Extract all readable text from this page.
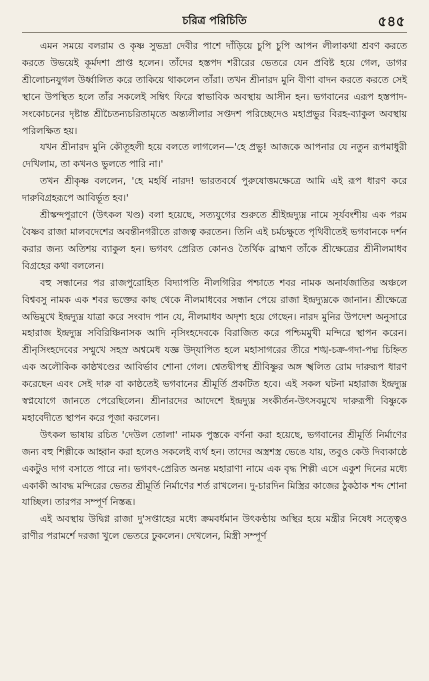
চরিত্র পরিচিতি	৫৪৫

এমন সময়ে বলরাম ও কৃষ্ণ সুভদ্রা দেবীর পাশে দাঁড়িয়ে চুপি চুপি আপন লীলাকথা শ্রবণ করতে করতে উভয়েই কূর্মদশা প্রাপ্ত হলেন। তাঁদের হস্তপদ শরীরের ভেতরে যেন প্রবিষ্ট হয়ে গেল, ডাগর শ্রীলোচনযুগল উর্ধ্বালিত করে তাকিয়ে থাকলেন তাঁরা। তখন শ্রীনারদ মুনি বীণা বাদন করতে করতে সেই স্থানে উপস্থিত হলে তাঁর সকলেই সম্বিৎ ফিরে স্বাভাবিক অবস্থায় আসীন হন। ভগবানের এরূপ হস্তপাদ-সংকোচনের দৃষ্টান্ত শ্রীচৈতন্যচরিতামৃতে অন্ত্যলীলার সপ্তদশ পরিচ্ছেদেও মহাপ্রভুর বিরহ-ব্যাকুল অবস্থায় পরিলক্ষিত হয়।

যখন শ্রীনারদ মুনি কৌতূহলী হয়ে বলতে লাগলেন—'হে প্রভু! আজকে আপনার যে নতুন রূপমাধুরী দেখিলাম, তা কখনও ভুলতে পারি না।'

তখন শ্রীকৃষ্ণ বললেন, 'হে মহর্ষি নারদ! ভারতবর্ষে পুরুষোত্তমক্ষেত্রে আমি এই রূপ ধারণ করে দারুবিগ্রহরূপে আবির্ভূত হব।'

শ্রীস্কন্দপুরাণে (উৎকল খণ্ড) বলা হয়েছে, সত্যযুগের শুরুতে শ্রীইন্দ্রদ্যুম্ন নামে সূর্যবংশীয় এক পরম বৈষ্ণব রাজা মালবদেশের অবন্তীনগরীতে রাজত্ব করতেন। তিনি এই চর্মচক্ষুতে পৃথিবীতেই ভগবানকে দর্শন করার জন্য অতিশয় ব্যাকুল হন। ভগবৎ প্রেরিত কোনও তৈর্থিক ব্রাহ্মণ তাঁকে শ্রীক্ষেত্রের শ্রীনীলমাধব বিগ্রহের কথা বললেন।

বহু সন্ধানের পর রাজপুরোহিত বিদ্যাপতি নীলগিরির পশ্চাতে শবর নামক অনার্যজাতির অঞ্চলে বিশ্ববসু নামক এক শবর ভক্তের কাছ থেকে নীলমাধবের সন্ধান পেয়ে রাজা ইন্দ্রদ্যুম্নকে জানান। শ্রীক্ষেত্রে অভিমুখে ইন্দ্রদ্যুম্ন যাত্রা করে সংবাদ পান যে, নীলমাধব অদৃশ্য হয়ে গেছেন। নারদ মুনির উপদেশ অনুসারে মহারাজ ইন্দ্রদ্যুম্ন সবিরিঞ্চিনাসক আদি নৃসিংহদেবকে বিরাজিত করে পশ্চিমমুখী মন্দিরে স্থাপন করেন। শ্রীনৃসিংহদেবের সম্মুখে সহস্র অশ্বমেধ যজ্ঞ উদ্‌যাপিত হলে মহাসাগরের তীরে শঙ্খ-চক্র-গদা-পদ্ম চিহ্নিত এক অলৌকিক কাষ্ঠখণ্ডের আবির্ভাব শোনা গেল। শ্বেতদ্বীপস্থ শ্রীবিষ্ণুর অঙ্গ স্খলিত রোম দারুরূপ ধারণ করেছেন এবং সেই দারু বা কাষ্ঠতেই ভগবানের শ্রীমূর্তি প্রকটিত হবে। এই সকল ঘটনা মহারাজ ইন্দ্রদ্যুম্ন স্বপ্নযোগে জানতে পেরেছিলেন। শ্রীনারদের আদেশে ইন্দ্রদ্যুম্ন সংকীর্তন-উৎসবমুখে দারুরূপী বিষ্ণুকে মহাবেদীতে স্থাপন করে পূজা করলেন।

উৎকল ভাষায় রচিত 'দেউল তোলা' নামক পুস্তকে বর্ণনা করা হয়েছে, ভগবানের শ্রীমূর্তি নির্মাণের জন্য বহু শিল্পীকে আহ্বান করা হলেও সকলেই ব্যর্থ হন। তাদের অস্ত্রশস্ত্র ভেঙে যায়, তবুও কেউ দিব্যকাষ্ঠে একটুও দাগ বসাতে পারে না। ভগবৎ-প্রেরিত অনন্ত মহারাণা নামে এক বৃদ্ধ শিল্পী এসে একুশ দিনের মধ্যে একাকী আবদ্ধ মন্দিরের ভেতর শ্রীমূর্তি নির্মাণের শর্ত রাখলেন। দু-চারদিন মিস্ত্রির কাজের ঠুকঠাক শব্দ শোনা যাচ্ছিল। তারপর সম্পূর্ণ নিস্তব্ধ।

এই অবস্থায় উদ্বিগ্ন রাজা দু'সপ্তাহের মধ্যে ক্রমবর্ধমান উৎকণ্ঠায় অস্থির হয়ে মন্ত্রীর নিষেধ সত্ত্বেও রাণীর পরামর্শে দরজা খুলে ভেতরে ঢুকলেন। দেখলেন, মিস্ত্রী সম্পূর্ণ
